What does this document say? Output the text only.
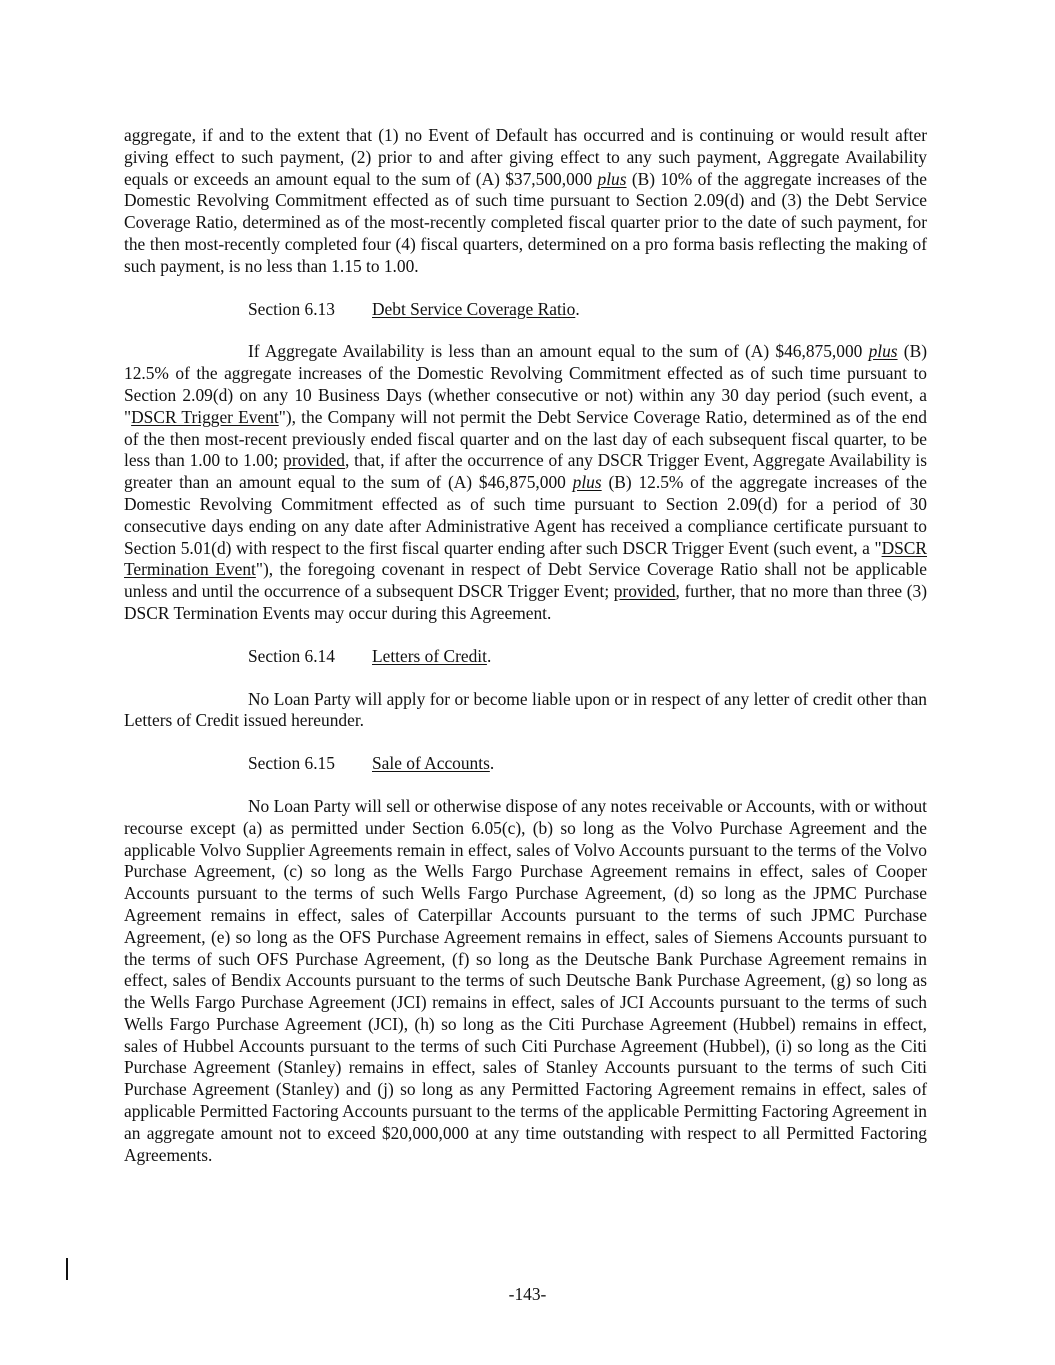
aggregate, if and to the extent that (1) no Event of Default has occurred and is continuing or would result after giving effect to such payment, (2) prior to and after giving effect to any such payment, Aggregate Availability equals or exceeds an amount equal to the sum of (A) $37,500,000 plus (B) 10% of the aggregate increases of the Domestic Revolving Commitment effected as of such time pursuant to Section 2.09(d) and (3) the Debt Service Coverage Ratio, determined as of the most-recently completed fiscal quarter prior to the date of such payment, for the then most-recently completed four (4) fiscal quarters, determined on a pro forma basis reflecting the making of such payment, is no less than 1.15 to 1.00.

Section 6.13 Debt Service Coverage Ratio.

If Aggregate Availability is less than an amount equal to the sum of (A) $46,875,000 plus (B) 12.5% of the aggregate increases of the Domestic Revolving Commitment effected as of such time pursuant to Section 2.09(d) on any 10 Business Days (whether consecutive or not) within any 30 day period (such event, a "DSCR Trigger Event"), the Company will not permit the Debt Service Coverage Ratio, determined as of the end of the then most-recent previously ended fiscal quarter and on the last day of each subsequent fiscal quarter, to be less than 1.00 to 1.00; provided, that, if after the occurrence of any DSCR Trigger Event, Aggregate Availability is greater than an amount equal to the sum of (A) $46,875,000 plus (B) 12.5% of the aggregate increases of the Domestic Revolving Commitment effected as of such time pursuant to Section 2.09(d) for a period of 30 consecutive days ending on any date after Administrative Agent has received a compliance certificate pursuant to Section 5.01(d) with respect to the first fiscal quarter ending after such DSCR Trigger Event (such event, a "DSCR Termination Event"), the foregoing covenant in respect of Debt Service Coverage Ratio shall not be applicable unless and until the occurrence of a subsequent DSCR Trigger Event; provided, further, that no more than three (3) DSCR Termination Events may occur during this Agreement.

Section 6.14 Letters of Credit.

No Loan Party will apply for or become liable upon or in respect of any letter of credit other than Letters of Credit issued hereunder.

Section 6.15 Sale of Accounts.

No Loan Party will sell or otherwise dispose of any notes receivable or Accounts, with or without recourse except (a) as permitted under Section 6.05(c), (b) so long as the Volvo Purchase Agreement and the applicable Volvo Supplier Agreements remain in effect, sales of Volvo Accounts pursuant to the terms of the Volvo Purchase Agreement, (c) so long as the Wells Fargo Purchase Agreement remains in effect, sales of Cooper Accounts pursuant to the terms of such Wells Fargo Purchase Agreement, (d) so long as the JPMC Purchase Agreement remains in effect, sales of Caterpillar Accounts pursuant to the terms of such JPMC Purchase Agreement, (e) so long as the OFS Purchase Agreement remains in effect, sales of Siemens Accounts pursuant to the terms of such OFS Purchase Agreement, (f) so long as the Deutsche Bank Purchase Agreement remains in effect, sales of Bendix Accounts pursuant to the terms of such Deutsche Bank Purchase Agreement, (g) so long as the Wells Fargo Purchase Agreement (JCI) remains in effect, sales of JCI Accounts pursuant to the terms of such Wells Fargo Purchase Agreement (JCI), (h) so long as the Citi Purchase Agreement (Hubbel) remains in effect, sales of Hubbel Accounts pursuant to the terms of such Citi Purchase Agreement (Hubbel), (i) so long as the Citi Purchase Agreement (Stanley) remains in effect, sales of Stanley Accounts pursuant to the terms of such Citi Purchase Agreement (Stanley) and (j) so long as any Permitted Factoring Agreement remains in effect, sales of applicable Permitted Factoring Accounts pursuant to the terms of the applicable Permitting Factoring Agreement in an aggregate amount not to exceed $20,000,000 at any time outstanding with respect to all Permitted Factoring Agreements.

-143-
